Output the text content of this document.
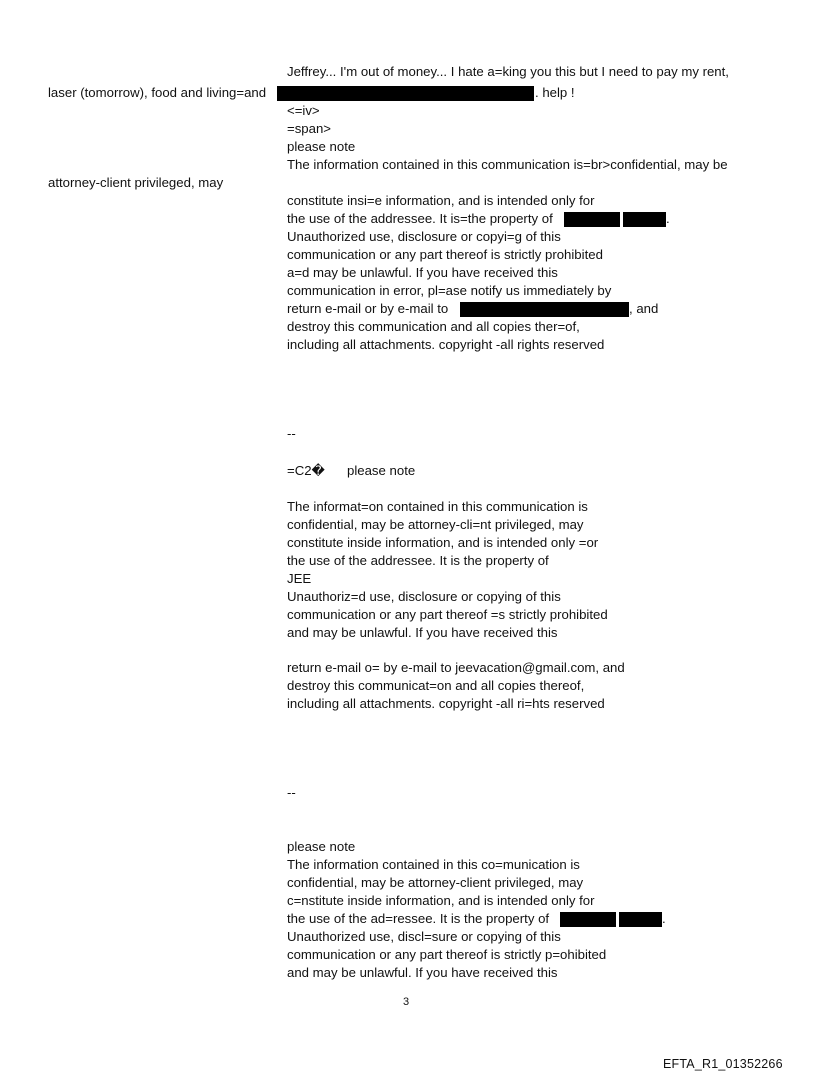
Jeffrey... I'm out of money... I hate a=king you this but I need to pay my rent,
laser (tomorrow), food and living=and	. help !
<=iv>
=span>
please note
The information contained in this communication is=br>confidential, may be
attorney-client privileged, may
constitute insi=e information, and is intended only for
the use of the addressee. It is=the property of	.
Unauthorized use, disclosure or copyi=g of this
communication or any part thereof is strictly prohibited
a=d may be unlawful. If you have received this
communication in error, pl=ase notify us immediately by
return e-mail or by e-mail to	, and
destroy this communication and all copies ther=of,
including all attachments. copyright -all rights reserved
--
=C2� please note
The informat=on contained in this communication is
confidential, may be attorney-cli=nt privileged, may
constitute inside information, and is intended only =or
the use of the addressee. It is the property of
JEE
Unauthoriz=d use, disclosure or copying of this
communication or any part thereof =s strictly prohibited
and may be unlawful. If you have received this
return e-mail o= by e-mail to jeevacation@gmail.com, and
destroy this communicat=on and all copies thereof,
including all attachments. copyright -all ri=hts reserved
--
please note
The information contained in this co=munication is
confidential, may be attorney-client privileged, may
c=nstitute inside information, and is intended only for
the use of the ad=ressee. It is the property of	.
Unauthorized use, discl=sure or copying of this
communication or any part thereof is strictly p=ohibited
and may be unlawful. If you have received this
3
EFTA_R1_01352266
